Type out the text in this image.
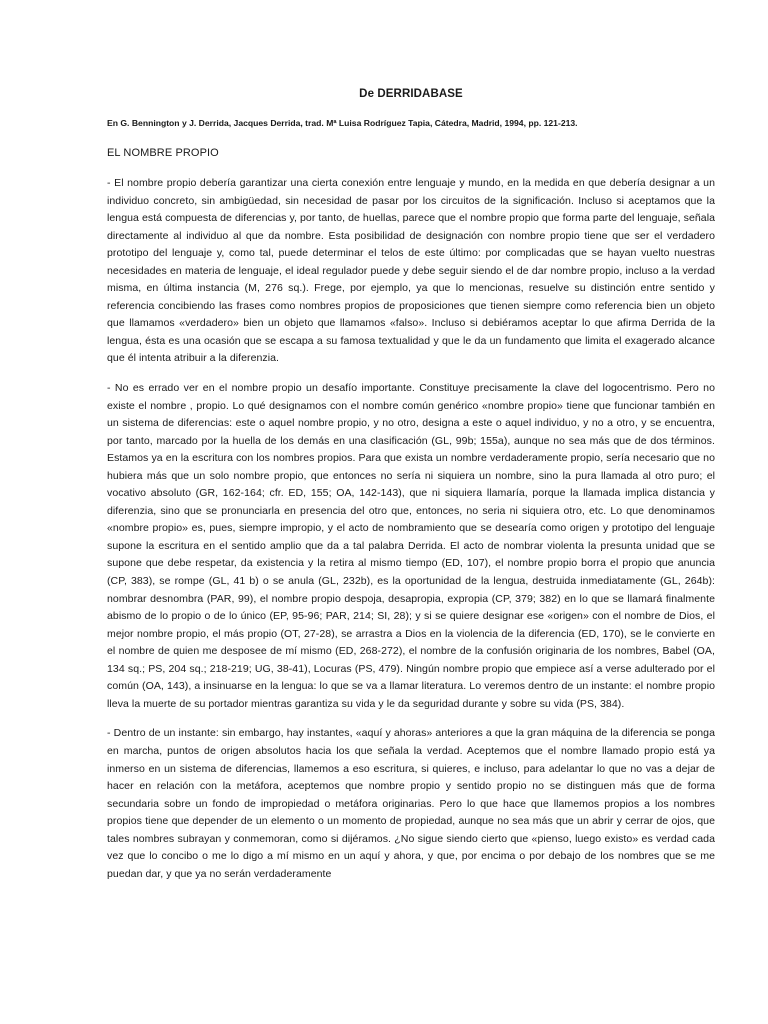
De DERRIDABASE
En G. Bennington y J. Derrida, Jacques Derrida, trad. Mª Luisa Rodríguez Tapia, Cátedra, Madrid, 1994, pp. 121-213.
EL NOMBRE PROPIO

- El nombre propio debería garantizar una cierta conexión entre lenguaje y mundo, en la medida en que debería designar a un individuo concreto, sin ambigüedad, sin necesidad de pasar por los circuitos de la significación. Incluso si aceptamos que la lengua está compuesta de diferencias y, por tanto, de huellas, parece que el nombre propio que forma parte del lenguaje, señala directamente al individuo al que da nombre. Esta posibilidad de designación con nombre propio tiene que ser el verdadero prototipo del lenguaje y, como tal, puede determinar el telos de este último: por complicadas que se hayan vuelto nuestras necesidades en materia de lenguaje, el ideal regulador puede y debe seguir siendo el de dar nombre propio, incluso a la verdad misma, en última instancia (M, 276 sq.). Frege, por ejemplo, ya que lo mencionas, resuelve su distinción entre sentido y referencia concibiendo las frases como nombres propios de proposiciones que tienen siempre como referencia bien un objeto que llamamos «verdadero» bien un objeto que llamamos «falso». Incluso si debiéramos aceptar lo que afirma Derrida de la lengua, ésta es una ocasión que se escapa a su famosa textualidad y que le da un fundamento que limita el exagerado alcance que él intenta atribuir a la diferenzia.

- No es errado ver en el nombre propio un desafío importante. Constituye precisamente la clave del logocentrismo. Pero no existe el nombre , propio. Lo qué designamos con el nombre común genérico «nombre propio» tiene que funcionar también en un sistema de diferencias: este o aquel nombre propio, y no otro, designa a este o aquel individuo, y no a otro, y se encuentra, por tanto, marcado por la huella de los demás en una clasificación (GL, 99b; 155a), aunque no sea más que de dos términos. Estamos ya en la escritura con los nombres propios. Para que exista un nombre verdaderamente propio, sería necesario que no hubiera más que un solo nombre propio, que entonces no sería ni siquiera un nombre, sino la pura llamada al otro puro; el vocativo absoluto (GR, 162-164; cfr. ED, 155; OA, 142-143), que ni siquiera llamaría, porque la llamada implica distancia y diferenzia, sino que se pronunciarla en presencia del otro que, entonces, no seria ni siquiera otro, etc. Lo que denominamos «nombre propio» es, pues, siempre impropio, y el acto de nombramiento que se desearía como origen y prototipo del lenguaje supone la escritura en el sentido amplio que da a tal palabra Derrida. El acto de nombrar violenta la presunta unidad que se supone que debe respetar, da existencia y la retira al mismo tiempo (ED, 107), el nombre propio borra el propio que anuncia (CP, 383), se rompe (GL, 41 b) o se anula (GL, 232b), es la oportunidad de la lengua, destruida inmediatamente (GL, 264b): nombrar desnombra (PAR, 99), el nombre propio despoja, desapropia, expropia (CP, 379; 382) en lo que se llamará finalmente abismo de lo propio o de lo único (EP, 95-96; PAR, 214; SI, 28); y si se quiere designar ese «origen» con el nombre de Dios, el mejor nombre propio, el más propio (OT, 27-28), se arrastra a Dios en la violencia de la diferencia (ED, 170), se le convierte en el nombre de quien me desposee de mí mismo (ED, 268-272), el nombre de la confusión originaria de los nombres, Babel (OA, 134 sq.; PS, 204 sq.; 218-219; UG, 38-41), Locuras (PS, 479). Ningún nombre propio que empiece así a verse adulterado por el común (OA, 143), a insinuarse en la lengua: lo que se va a llamar literatura. Lo veremos dentro de un instante: el nombre propio lleva la muerte de su portador mientras garantiza su vida y le da seguridad durante y sobre su vida (PS, 384).

- Dentro de un instante: sin embargo, hay instantes, «aquí y ahoras» anteriores a que la gran máquina de la diferencia se ponga en marcha, puntos de origen absolutos hacia los que señala la verdad. Aceptemos que el nombre llamado propio está ya inmerso en un sistema de diferencias, llamemos a eso escritura, si quieres, e incluso, para adelantar lo que no vas a dejar de hacer en relación con la metáfora, aceptemos que nombre propio y sentido propio no se distinguen más que de forma secundaria sobre un fondo de impropiedad o metáfora originarias. Pero lo que hace que llamemos propios a los nombres propios tiene que depender de un elemento o un momento de propiedad, aunque no sea más que un abrir y cerrar de ojos, que tales nombres subrayan y conmemoran, como si dijéramos. ¿No sigue siendo cierto que «pienso, luego existo» es verdad cada vez que lo concibo o me lo digo a mí mismo en un aquí y ahora, y que, por encima o por debajo de los nombres que se me puedan dar, y que ya no serán verdaderamente
